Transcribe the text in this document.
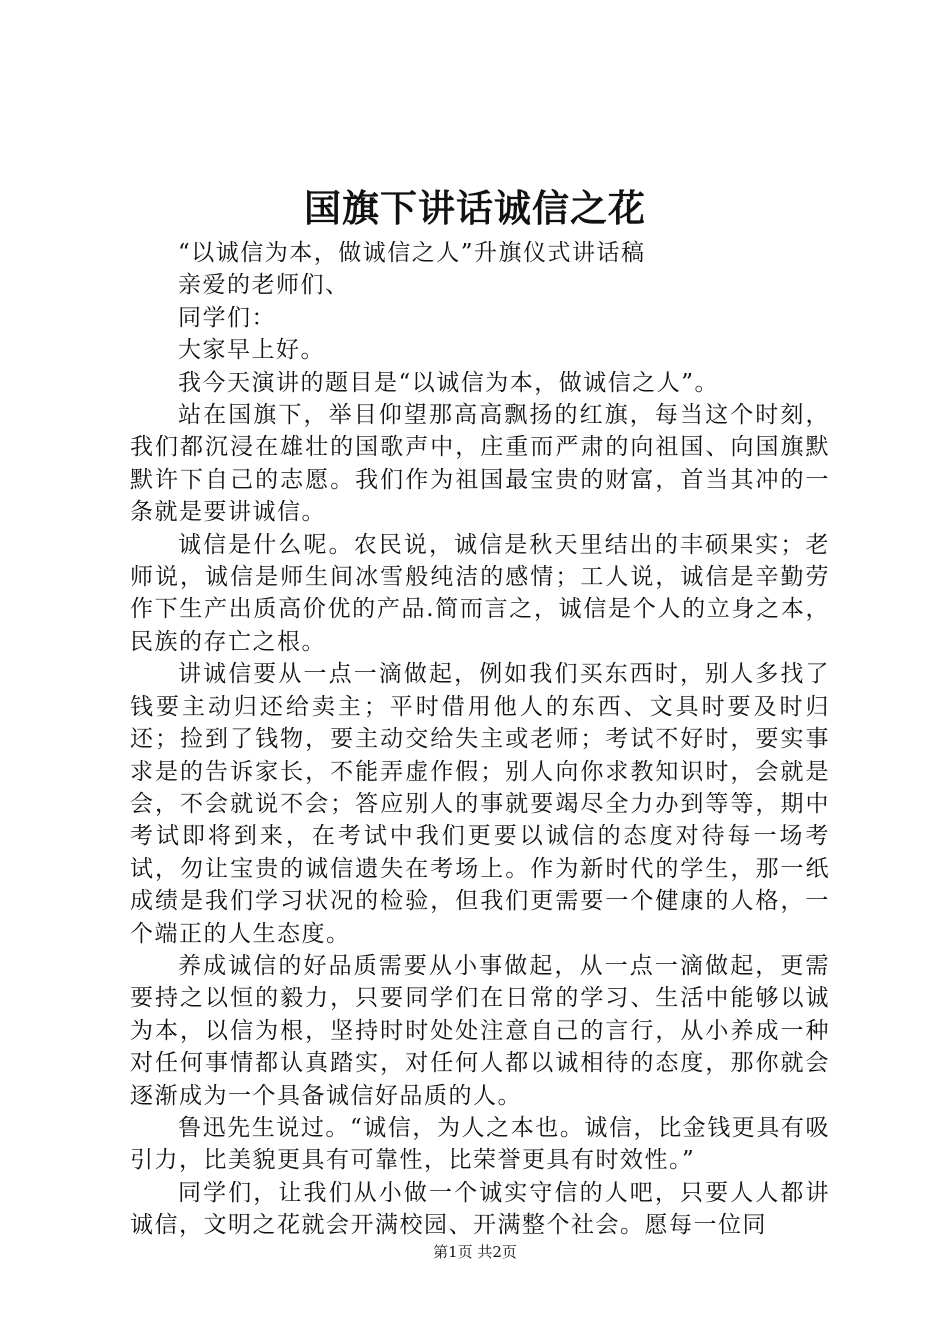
国旗下讲话诚信之花

“以诚信为本，做诚信之人”升旗仪式讲话稿

亲爱的老师们、

同学们：

大家早上好。

我今天演讲的题目是“以诚信为本，做诚信之人”。

站在国旗下，举目仰望那高高飘扬的红旗，每当这个时刻，我们都沉浸在雄壮的国歌声中，庄重而严肃的向祖国、向国旗默默许下自己的志愿。我们作为祖国最宝贵的财富，首当其冲的一条就是要讲诚信。

诚信是什么呢。农民说，诚信是秋天里结出的丰硕果实；老师说，诚信是师生间冰雪般纯洁的感情；工人说，诚信是辛勤劳作下生产出质高价优的产品.简而言之，诚信是个人的立身之本，民族的存亡之根。

讲诚信要从一点一滴做起，例如我们买东西时，别人多找了钱要主动归还给卖主；平时借用他人的东西、文具时要及时归还；捡到了钱物，要主动交给失主或老师；考试不好时，要实事求是的告诉家长，不能弄虚作假；别人向你求教知识时，会就是会，不会就说不会；答应别人的事就要竭尽全力办到等等，期中考试即将到来，在考试中我们更要以诚信的态度对待每一场考试，勿让宝贵的诚信遗失在考场上。作为新时代的学生，那一纸成绩是我们学习状况的检验，但我们更需要一个健康的人格，一个端正的人生态度。

养成诚信的好品质需要从小事做起，从一点一滴做起，更需要持之以恒的毅力，只要同学们在日常的学习、生活中能够以诚为本，以信为根，坚持时时处处注意自己的言行，从小养成一种对任何事情都认真踏实，对任何人都以诚相待的态度，那你就会逐渐成为一个具备诚信好品质的人。

鲁迅先生说过。“诚信，为人之本也。诚信，比金钱更具有吸引力，比美貌更具有可靠性，比荣誉更具有时效性。”

同学们，让我们从小做一个诚实守信的人吧，只要人人都讲诚信，文明之花就会开满校园、开满整个社会。愿每一位同

第1页 共2页
